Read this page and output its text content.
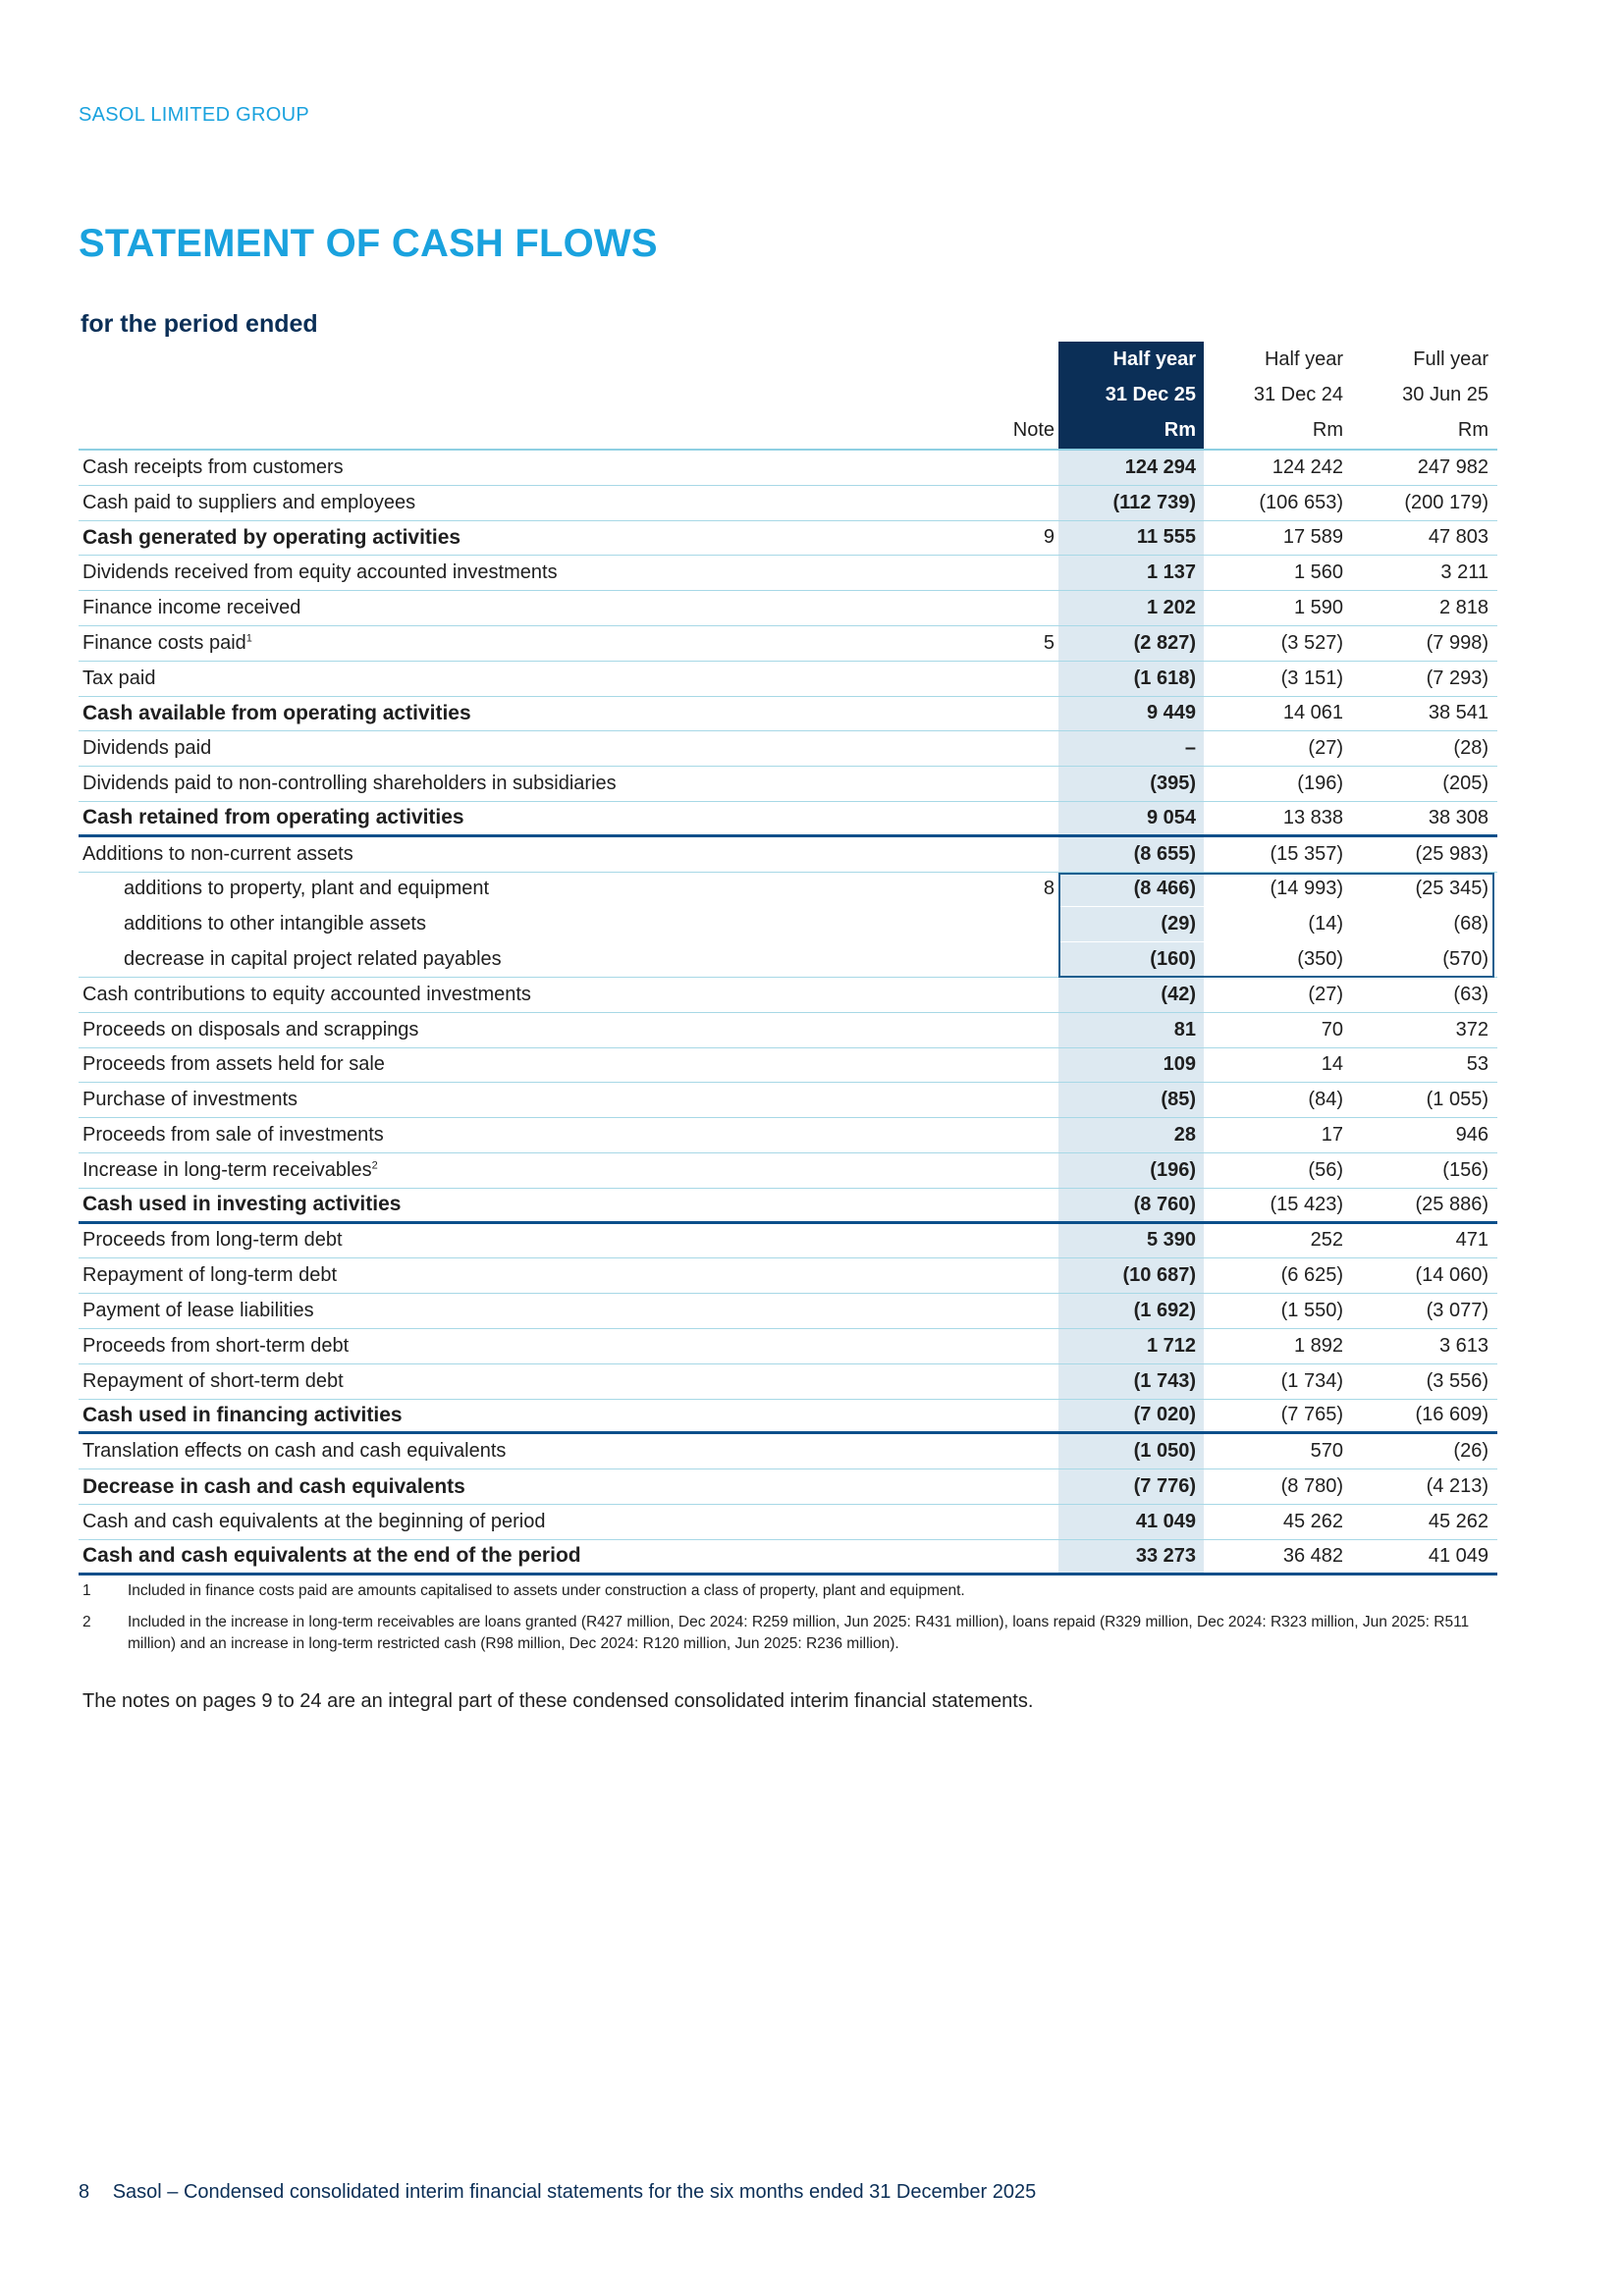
SASOL LIMITED GROUP
STATEMENT OF CASH FLOWS
for the period ended
Half year	Half year	Full year
31 Dec 25	31 Dec 24	30 Jun 25
Note	Rm	Rm	Rm
Cash receipts from customers	124 294	124 242	247 982
Cash paid to suppliers and employees	(112 739)	(106 653)	(200 179)
Cash generated by operating activities	9	11 555	17 589	47 803
Dividends received from equity accounted investments	1 137	1 560	3 211
Finance income received	1 202	1 590	2 818
Finance costs paid$^1$	5	(2 827)	(3 527)	(7 998)
Tax paid	(1 618)	(3 151)	(7 293)
Cash available from operating activities	9 449	14 061	38 541
Dividends paid	–	(27)	(28)
Dividends paid to non-controlling shareholders in subsidiaries	(395)	(196)	(205)
Cash retained from operating activities	9 054	13 838	38 308
Additions to non-current assets	(8 655)	(15 357)	(25 983)
additions to property, plant and equipment	8	(8 466)	(14 993)	(25 345)
additions to other intangible assets	(29)	(14)	(68)
decrease in capital project related payables	(160)	(350)	(570)
Cash contributions to equity accounted investments	(42)	(27)	(63)
Proceeds on disposals and scrappings	81	70	372
Proceeds from assets held for sale	109	14	53
Purchase of investments	(85)	(84)	(1 055)
Proceeds from sale of investments	28	17	946
Increase in long-term receivables$^2$	(196)	(56)	(156)
Cash used in investing activities	(8 760)	(15 423)	(25 886)
Proceeds from long-term debt	5 390	252	471
Repayment of long-term debt	(10 687)	(6 625)	(14 060)
Payment of lease liabilities	(1 692)	(1 550)	(3 077)
Proceeds from short-term debt	1 712	1 892	3 613
Repayment of short-term debt	(1 743)	(1 734)	(3 556)
Cash used in financing activities	(7 020)	(7 765)	(16 609)
Translation effects on cash and cash equivalents	(1 050)	570	(26)
Decrease in cash and cash equivalents	(7 776)	(8 780)	(4 213)
Cash and cash equivalents at the beginning of period	41 049	45 262	45 262
Cash and cash equivalents at the end of the period	33 273	36 482	41 049
1	Included in finance costs paid are amounts capitalised to assets under construction a class of property, plant and equipment.
2	Included in the increase in long-term receivables are loans granted (R427 million, Dec 2024: R259 million, Jun 2025: R431 million), loans repaid (R329 million, Dec 2024: R323 million, Jun 2025: R511 million) and an increase in long-term restricted cash (R98 million, Dec 2024: R120 million, Jun 2025: R236 million).
The notes on pages 9 to 24 are an integral part of these condensed consolidated interim financial statements.
8 Sasol – Condensed consolidated interim financial statements for the six months ended 31 December 2025
